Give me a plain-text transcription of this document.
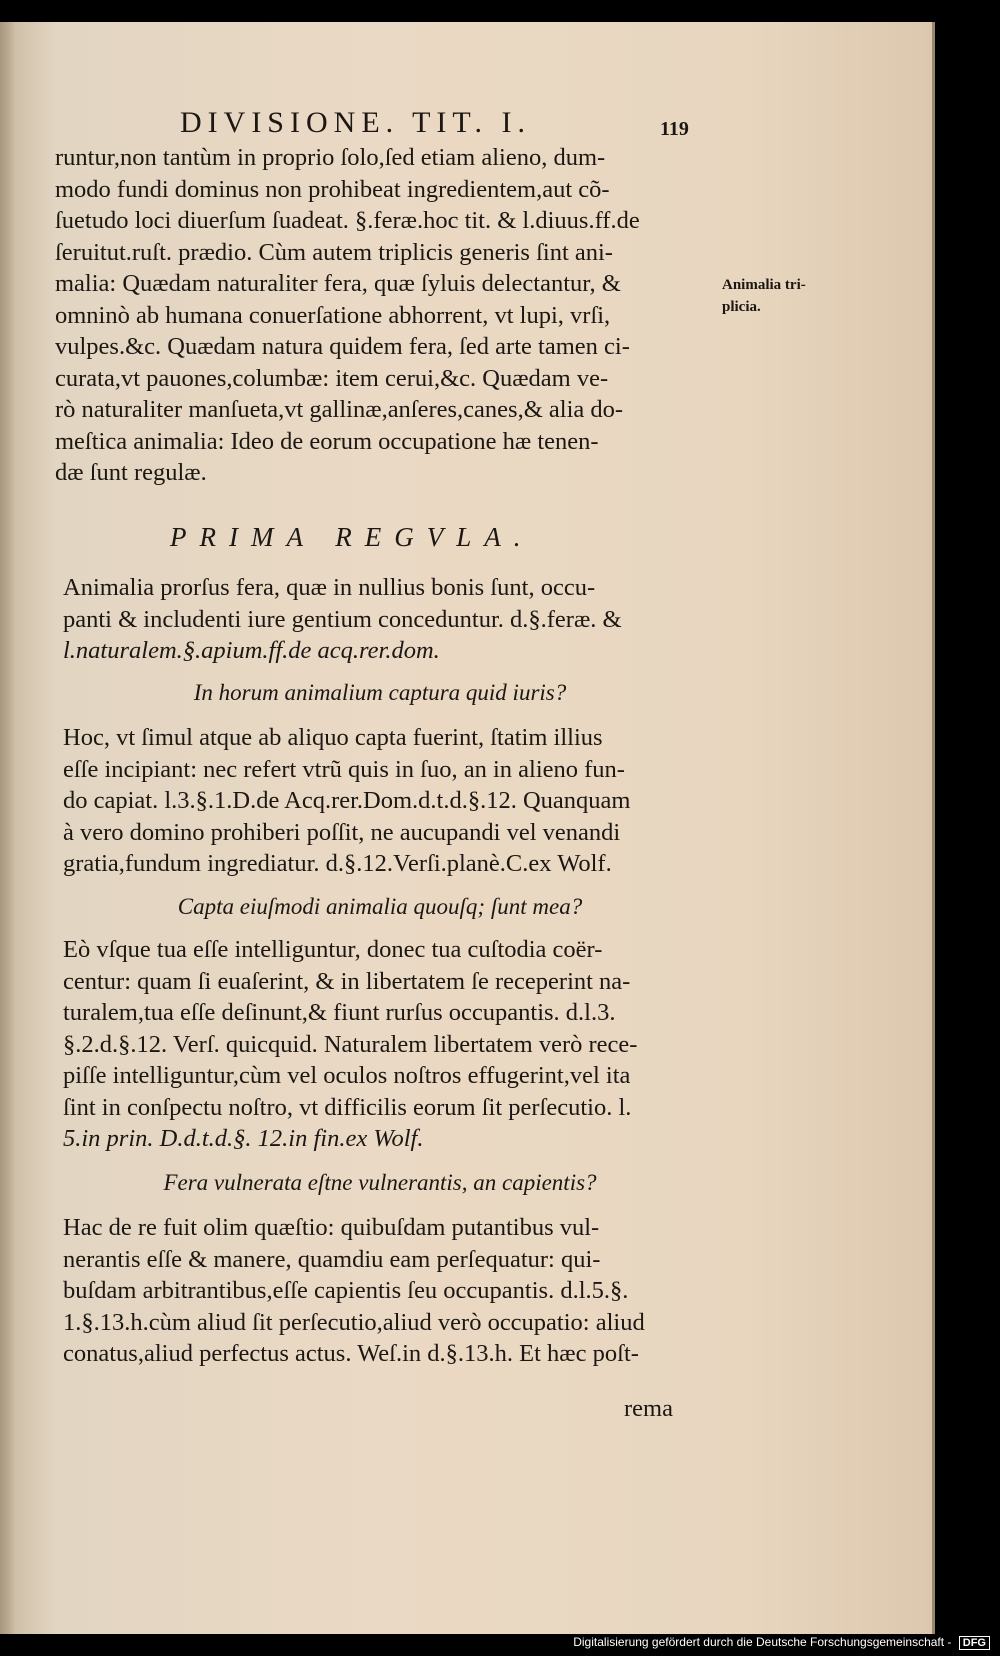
DIVISIONE. TIT. I.	119
Animalia tri-
plicia.
runtur,non tantùm in proprio ſolo,ſed etiam alieno, dum-
modo fundi dominus non prohibeat ingredientem,aut cõ-
ſuetudo loci diuerſum ſuadeat. §.feræ.hoc tit. & l.diuus.ff.de
ſeruitut.ruſt. prædio. Cùm autem triplicis generis ſint ani-
malia: Quædam naturaliter fera, quæ ſyluis delectantur, &
omninò ab humana conuerſatione abhorrent, vt lupi, vrſi,
vulpes.&c. Quædam natura quidem fera, ſed arte tamen ci-
curata,vt pauones,columbæ: item cerui,&c. Quædam ve-
rò naturaliter manſueta,vt gallinæ,anſeres,canes,& alia do-
meſtica animalia: Ideo de eorum occupatione hæ tenen-
dæ ſunt regulæ.
PRIMA REGVLA.
Animalia prorſus fera, quæ in nullius bonis ſunt, occu-
panti & includenti iure gentium conceduntur. d.§.feræ. &
l.naturalem.§.apium.ff.de acq.rer.dom.
In horum animalium captura quid iuris?
Hoc, vt ſimul atque ab aliquo capta fuerint, ſtatim illius
eſſe incipiant: nec refert vtrũ quis in ſuo, an in alieno fun-
do capiat. l.3.§.1.D.de Acq.rer.Dom.d.t.d.§.12. Quanquam
à vero domino prohiberi poſſit, ne aucupandi vel venandi
gratia,fundum ingrediatur. d.§.12.Verſi.planè.C.ex Wolf.
Capta eiuſmodi animalia quouſq; ſunt mea?
Eò vſque tua eſſe intelliguntur, donec tua cuſtodia coër-
centur: quam ſi euaſerint, & in libertatem ſe receperint na-
turalem,tua eſſe deſinunt,& fiunt rurſus occupantis. d.l.3.
§.2.d.§.12. Verſ. quicquid. Naturalem libertatem verò rece-
piſſe intelliguntur,cùm vel oculos noſtros effugerint,vel ita
ſint in conſpectu noſtro, vt difficilis eorum ſit perſecutio. l.
5.in prin. D.d.t.d.§. 12.in fin.ex Wolf.
Fera vulnerata eſtne vulnerantis, an capientis?
Hac de re fuit olim quæſtio: quibuſdam putantibus vul-
nerantis eſſe & manere, quamdiu eam perſequatur: qui-
buſdam arbitrantibus,eſſe capientis ſeu occupantis. d.l.5.§.
1.§.13.h.cùm aliud ſit perſecutio,aliud verò occupatio: aliud
conatus,aliud perfectus actus. Weſ.in d.§.13.h. Et hæc poſt-
rema
Digitalisierung gefördert durch die Deutsche Forschungsgemeinschaft - DFG
